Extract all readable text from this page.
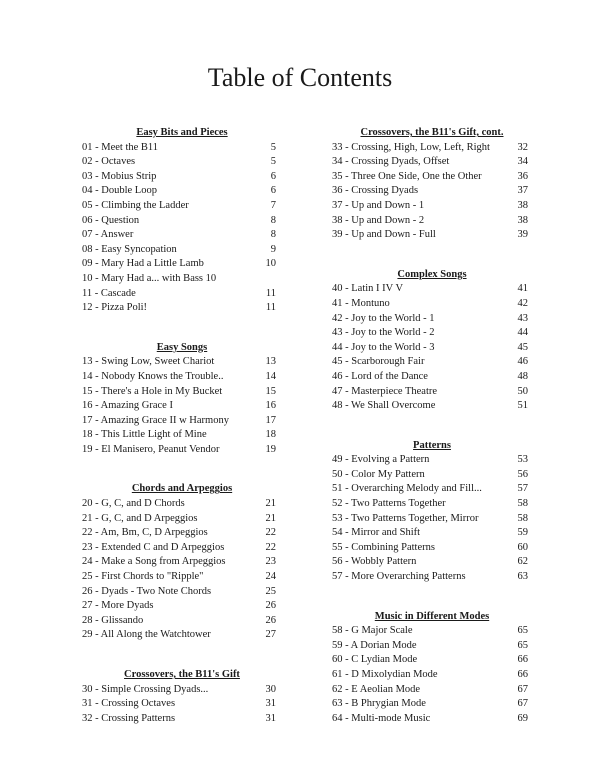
Table of Contents
Easy Bits and Pieces
01 - Meet the B11	5
02 - Octaves	5
03 - Mobius Strip	6
04 - Double Loop	6
05 - Climbing the Ladder	7
06 - Question	8
07 - Answer	8
08 - Easy Syncopation	9
09 - Mary Had a Little Lamb	10
10 - Mary Had a... with Bass 10
11 - Cascade	11
12 - Pizza Poli!	11
Easy Songs
13 - Swing Low, Sweet Chariot	13
14 - Nobody Knows the Trouble..	14
15 - There's a Hole in My Bucket	15
16 - Amazing Grace I	16
17 - Amazing Grace II w Harmony	17
18 - This Little Light of Mine	18
19 - El Manisero, Peanut Vendor	19
Chords and Arpeggios
20 - G, C, and D Chords	21
21 - G, C, and D Arpeggios	21
22 - Am, Bm, C, D Arpeggios	22
23 - Extended C and D Arpeggios	22
24 - Make a Song from Arpeggios	23
25 - First Chords to "Ripple"	24
26 - Dyads - Two Note Chords	25
27 - More Dyads	26
28 - Glissando	26
29 - All Along the Watchtower	27
Crossovers, the B11's Gift
30 - Simple Crossing Dyads...	30
31 - Crossing Octaves	31
32 - Crossing Patterns	31
Crossovers, the B11's Gift, cont.
33 - Crossing, High, Low, Left, Right	32
34 - Crossing Dyads, Offset	34
35 - Three One Side, One the Other	36
36 - Crossing Dyads	37
37 - Up and Down - 1	38
38 - Up and Down - 2	38
39 - Up and Down - Full	39
Complex Songs
40 - Latin I IV V	41
41 - Montuno	42
42 - Joy to the World - 1	43
43 - Joy to the World - 2	44
44 - Joy to the World - 3	45
45 - Scarborough Fair	46
46 - Lord of the Dance	48
47 - Masterpiece Theatre	50
48 - We Shall Overcome	51
Patterns
49 - Evolving a Pattern	53
50 - Color My Pattern	56
51 - Overarching Melody and Fill...	57
52 - Two Patterns Together	58
53 - Two Patterns Together, Mirror	58
54 - Mirror and Shift	59
55 - Combining Patterns	60
56 - Wobbly Pattern	62
57 - More Overarching Patterns	63
Music in Different Modes
58 - G Major Scale	65
59 - A Dorian Mode	65
60 - C Lydian Mode	66
61 - D Mixolydian Mode	66
62 - E Aeolian Mode	67
63 - B Phrygian Mode	67
64 - Multi-mode Music	69
